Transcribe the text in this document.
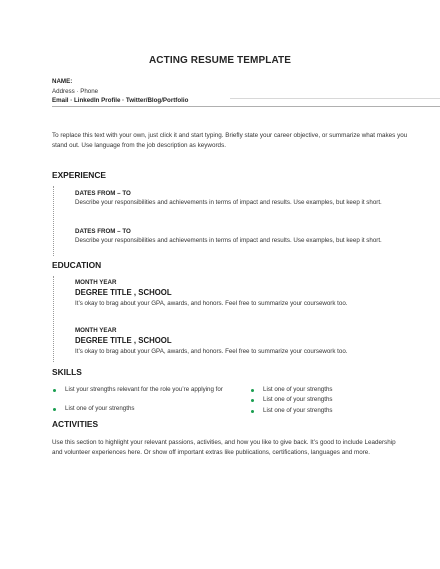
ACTING RESUME TEMPLATE
NAME:
Address · Phone
Email · LinkedIn Profile · Twitter/Blog/Portfolio
To replace this text with your own, just click it and start typing. Briefly state your career objective, or summarize what makes you stand out. Use language from the job description as keywords.
EXPERIENCE
DATES FROM – TO
Describe your responsibilities and achievements in terms of impact and results. Use examples, but keep it short.
DATES FROM – TO
Describe your responsibilities and achievements in terms of impact and results. Use examples, but keep it short.
EDUCATION
MONTH YEAR
DEGREE TITLE , SCHOOL
It’s okay to brag about your GPA, awards, and honors. Feel free to summarize your coursework too.
MONTH YEAR
DEGREE TITLE , SCHOOL
It’s okay to brag about your GPA, awards, and honors. Feel free to summarize your coursework too.
SKILLS
List your strengths relevant for the role you’re applying for
List one of your strengths
List one of your strengths
List one of your strengths
List one of your strengths
ACTIVITIES
Use this section to highlight your relevant passions, activities, and how you like to give back. It’s good to include Leadership and volunteer experiences here. Or show off important extras like publications, certifications, languages and more.
